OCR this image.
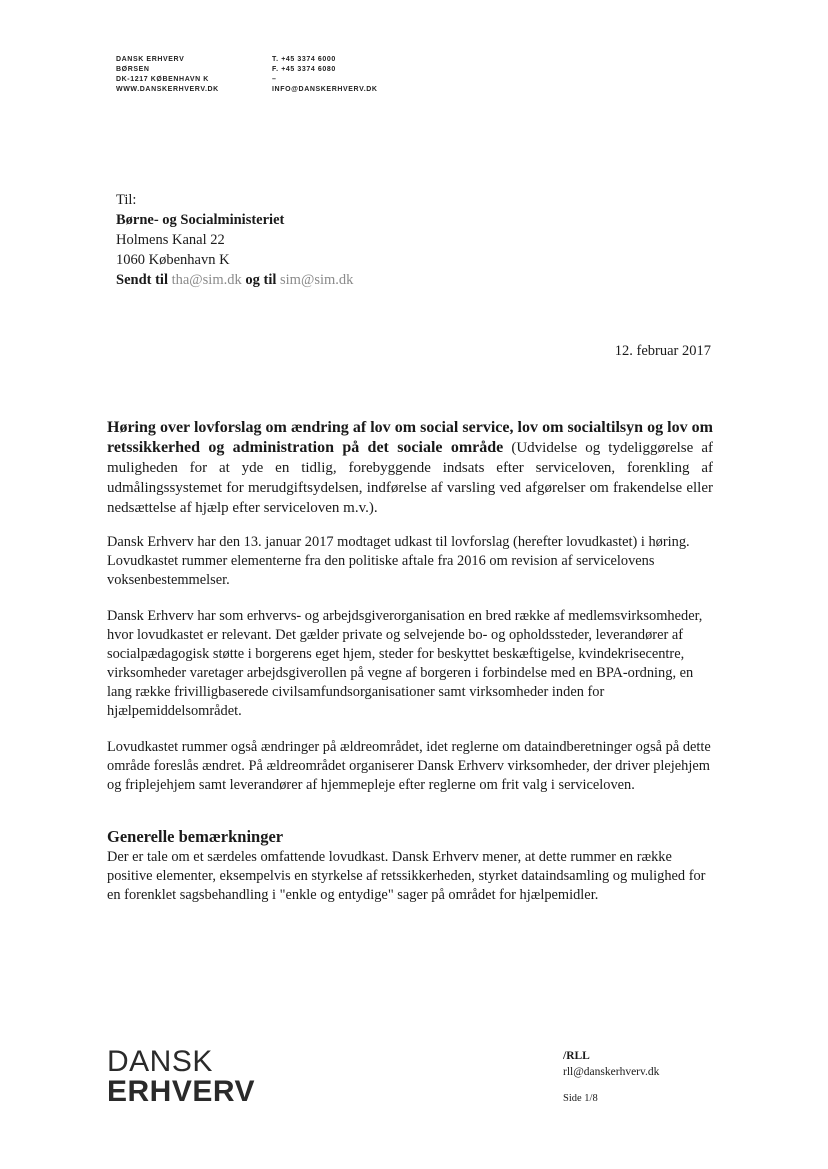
DANSK ERHVERV
BØRSEN
DK-1217 KØBENHAVN K
WWW.DANSKERHVERV.DK
T. +45 3374 6000
F. +45 3374 6080
–
INFO@DANSKERHVERV.DK
Til:
Børne- og Socialministeriet
Holmens Kanal 22
1060 København K
Sendt til tha@sim.dk og til sim@sim.dk
12. februar 2017
Høring over lovforslag om ændring af lov om social service, lov om socialtilsyn og lov om retssikkerhed og administration på det sociale område (Udvidelse og tydeliggørelse af muligheden for at yde en tidlig, forebyggende indsats efter serviceloven, forenkling af udmålingssystemet for merudgiftsydelsen, indførelse af varsling ved afgørelser om frakendelse eller nedsættelse af hjælp efter serviceloven m.v.).

Dansk Erhverv har den 13. januar 2017 modtaget udkast til lovforslag (herefter lovudkastet) i høring. Lovudkastet rummer elementerne fra den politiske aftale fra 2016 om revision af servicelovens voksenbestemmelser.

Dansk Erhverv har som erhvervs- og arbejdsgiverorganisation en bred række af medlemsvirksomheder, hvor lovudkastet er relevant. Det gælder private og selvejende bo- og opholdssteder, leverandører af socialpædagogisk støtte i borgerens eget hjem, steder for beskyttet beskæftigelse, kvindekrisecentre, virksomheder varetager arbejdsgiverollen på vegne af borgeren i forbindelse med en BPA-ordning, en lang række frivilligbaserede civilsamfundsorganisationer samt virksomheder inden for hjælpemiddelsområdet.

Lovudkastet rummer også ændringer på ældreområdet, idet reglerne om dataindberetninger også på dette område foreslås ændret. På ældreområdet organiserer Dansk Erhverv virksomheder, der driver plejehjem og friplejehjem samt leverandører af hjemmepleje efter reglerne om frit valg i serviceloven.

Generelle bemærkninger

Der er tale om et særdeles omfattende lovudkast. Dansk Erhverv mener, at dette rummer en række positive elementer, eksempelvis en styrkelse af retssikkerheden, styrket dataindsamling og mulighed for en forenklet sagsbehandling i "enkle og entydige" sager på området for hjælpemidler.

DANSK
ERHVERV
/RLL
rll@danskerhverv.dk
Side 1/8
